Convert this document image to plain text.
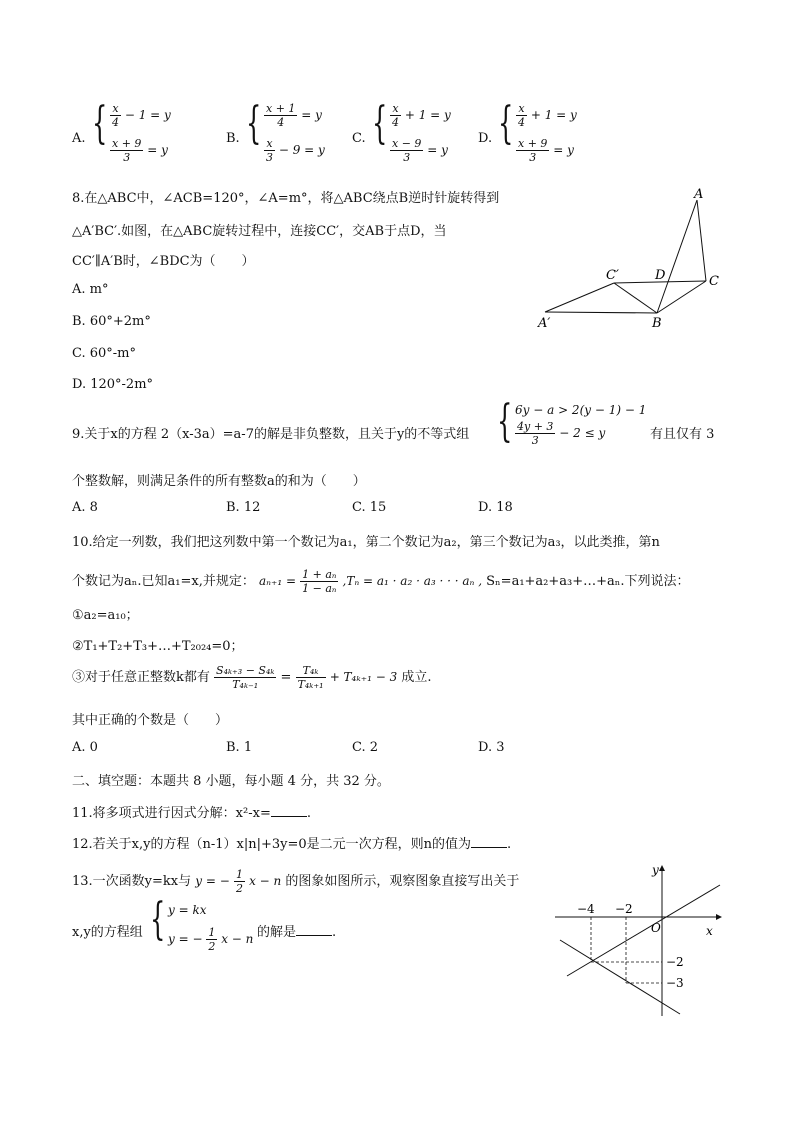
A. { $\frac{x}{4} - 1 = y$
$\frac{x + 9}{3} = y$
B. { $\frac{x + 1}{4} = y$
$\frac{x}{3} - 9 = y$
C. { $\frac{x}{4} + 1 = y$
$\frac{x - 9}{3} = y$
D. { $\frac{x}{4} + 1 = y$
$\frac{x + 9}{3} = y$
8.在△ABC中，∠ACB=120°，∠A=m°，将△ABC绕点B逆时针旋转得到
△A′BC′.如图，在△ABC旋转过程中，连接CC′，交AB于点D，当
CC′∥A′B时，∠BDC为（　　）
A. m°
B. 60°+2m°
C. 60°-m°
D. 120°-2m°
A
C′	D	C
A′	B
9.关于x的方程 2（x-3a）=a-7的解是非负整数，且关于y的不等式组 { 6y − a > 2(y − 1) − 1
$\frac{4y + 3}{3} - 2 \le y$	有且仅有 3
个整数解，则满足条件的所有整数a的和为（　　）
A. 8	B. 12	C. 15	D. 18
10.给定一列数，我们把这列数中第一个数记为a₁，第二个数记为a₂，第三个数记为a₃，以此类推，第n
个数记为aₙ.已知a₁=x,并规定： $a_{n+1} = \frac{\text{1 + aₙ}}{\text{1 − aₙ}} ,T_n = a_1 \cdot a_2 \cdot a_3$ · · · aₙ , Sₙ=a₁+a₂+a₃+…+aₙ.下列说法：
①a₂=a₁₀；
②T₁+T₂+T₃+…+T₂₀₂₄=0；
③对于任意正整数k都有 $\frac{\text{S₄ₖ₊₃ − S₄ₖ}}{\text{T₄ₖ₋₁}} = \frac{\text{T₄ₖ}}{\text{T₄ₖ₊₁}} + T_{4k+1} - 3$ 成立.
其中正确的个数是（　　）
A. 0	B. 1	C. 2	D. 3
二、填空题：本题共 8 小题，每小题 4 分，共 32 分。
11.将多项式进行因式分解：x²-x=	.
12.若关于x,y的方程（n-1）x|n|+3y=0是二元一次方程，则n的值为	.
13.一次函数y=kx与 y = − $\frac{1}{2}$ x − n 的图象如图所示，观察图象直接写出关于
x,y的方程组 { y = kx
y = − $\frac{1}{2}$ x − n 的解是	.
y
x
O
−4 −2
−2
−3
